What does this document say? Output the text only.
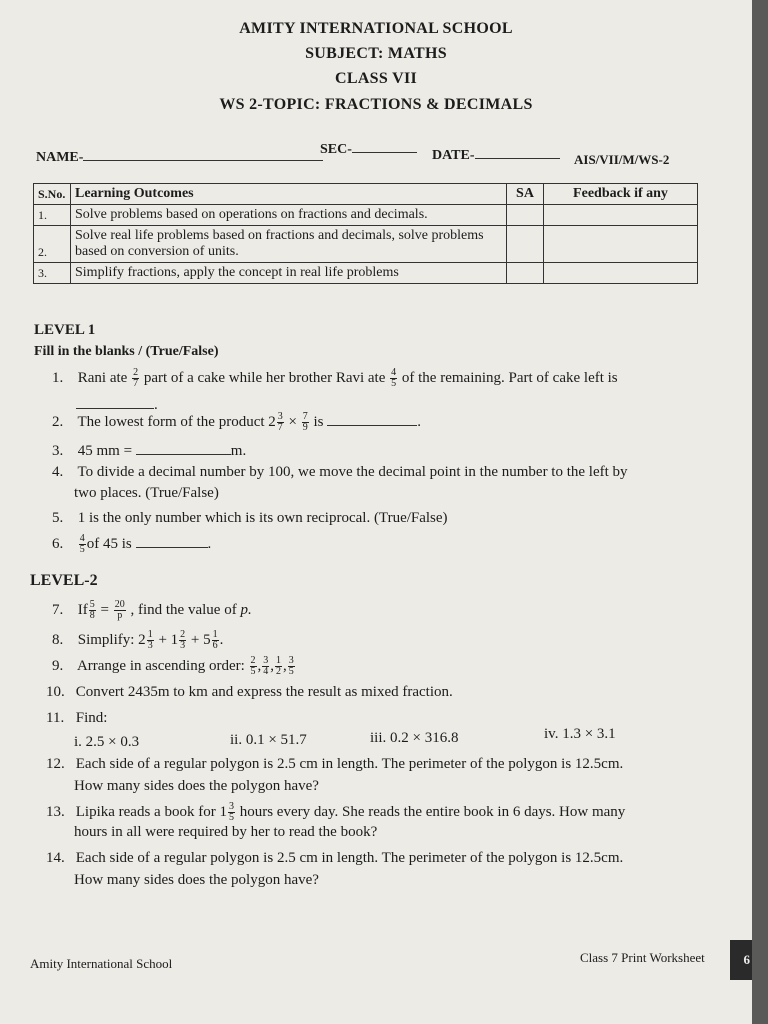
AMITY INTERNATIONAL SCHOOL
SUBJECT: MATHS
CLASS VII
WS 2-TOPIC: FRACTIONS & DECIMALS
NAME-
SEC-	DATE-	AIS/VII/M/WS-2
S.No.	Learning Outcomes	SA	Feedback if any
1.	Solve problems based on operations on fractions and decimals.		
2.	Solve real life problems based on fractions and decimals, solve problems based on conversion of units.		
3.	Simplify fractions, apply the concept in real life problems		
LEVEL 1
Fill in the blanks / (True/False)
1. Rani ate $\frac{2}{7}$ part of a cake while her brother Ravi ate $\frac{4}{5}$ of the remaining. Part of cake left is
.
2. The lowest form of the product $2 \frac{3}{7} \times \frac{7}{9}$ is	.
3. 45 mm =	m.
4. To divide a decimal number by 100, we move the decimal point in the number to the left by
two places. (True/False)
5. 1 is the only number which is its own reciprocal. (True/False)
6. $\frac{4}{5}$ of 45 is	.
LEVEL-2
7. If $\frac{5}{8} = \frac{20}{p}$ , find the value of p.
8. Simplify: $2 \frac{1}{3} + 1 \frac{2}{3} + 5 \frac{1}{6}$ .
9. Arrange in ascending order: $\frac{2}{5}$ , $\frac{3}{4}$ , $\frac{1}{2}$ , $\frac{3}{5}$
10. Convert 2435m to km and express the result as mixed fraction.
11. Find:
i. 2.5 × 0.3	ii. 0.1 × 51.7	iii. 0.2 × 316.8	iv. 1.3 × 3.1
12. Each side of a regular polygon is 2.5 cm in length. The perimeter of the polygon is 12.5cm.
How many sides does the polygon have?
13. Lipika reads a book for $1 \frac{3}{5}$ hours every day. She reads the entire book in 6 days. How many
hours in all were required by her to read the book?
14. Each side of a regular polygon is 2.5 cm in length. The perimeter of the polygon is 12.5cm.
How many sides does the polygon have?
Amity International School	Class 7 Print Worksheet	6
